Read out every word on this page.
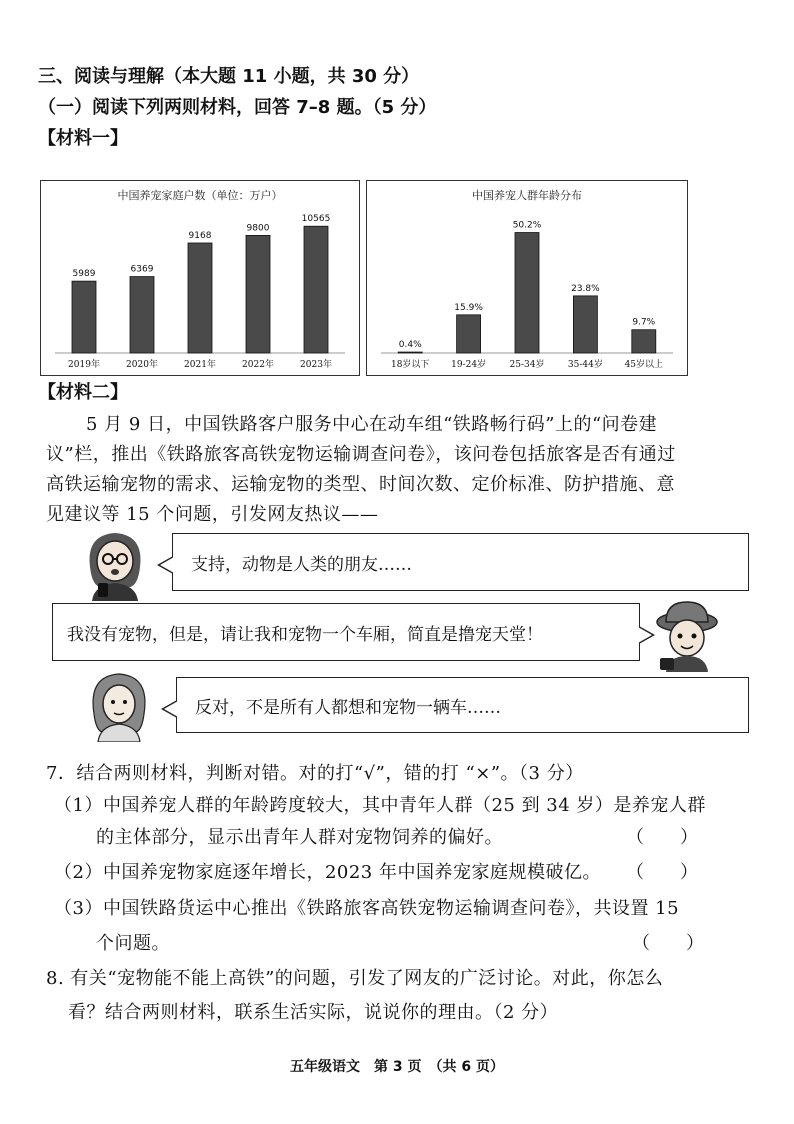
三、阅读与理解（本大题 11 小题，共 30 分）
（一）阅读下列两则材料，回答 7–8 题。（5 分）
【材料一】
中国养宠家庭户数（单位：万户）
5989
2019年
6369
2020年
9168
2021年
9800
2022年
10565
2023年
中国养宠人群年龄分布
0.4%
18岁以下
15.9%
19-24岁
50.2%
25-34岁
23.8%
35-44岁
9.7%
45岁以上
【材料二】
5 月 9 日，中国铁路客户服务中心在动车组“铁路畅行码”上的“问卷建
议”栏，推出《铁路旅客高铁宠物运输调查问卷》，该问卷包括旅客是否有通过
高铁运输宠物的需求、运输宠物的类型、时间次数、定价标准、防护措施、意
见建议等 15 个问题，引发网友热议——
支持，动物是人类的朋友……
我没有宠物，但是，请让我和宠物一个车厢，简直是撸宠天堂！
反对，不是所有人都想和宠物一辆车……
7．结合两则材料，判断对错。对的打“√”，错的打 “×”。（3 分）
（1）中国养宠人群的年龄跨度较大，其中青年人群（25 到 34 岁）是养宠人群
的主体部分，显示出青年人群对宠物饲养的偏好。	（　　）
（2）中国养宠物家庭逐年增长，2023 年中国养宠家庭规模破亿。 （　　）
（3）中国铁路货运中心推出《铁路旅客高铁宠物运输调查问卷》，共设置 15
个问题。	（　　）
8. 有关“宠物能不能上高铁”的问题，引发了网友的广泛讨论。对此，你怎么
看？结合两则材料，联系生活实际，说说你的理由。（2 分）
五年级语文　第 3 页　（共 6 页）
